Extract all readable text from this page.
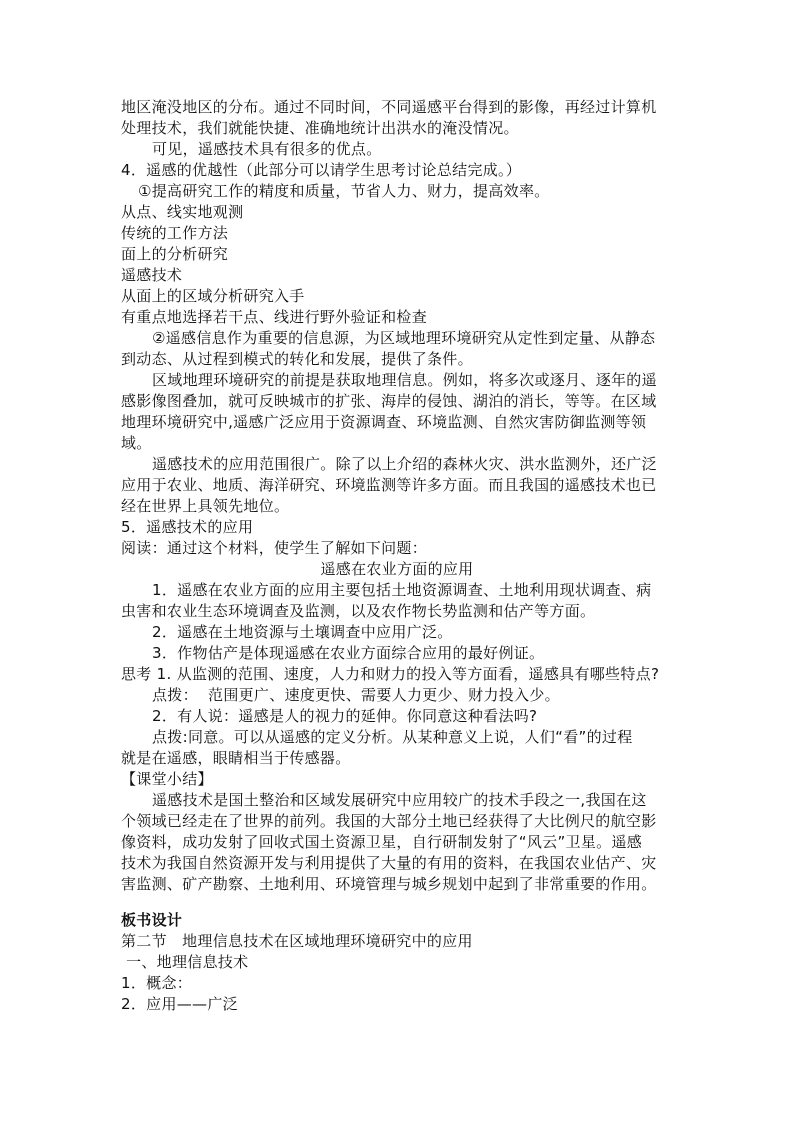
地区淹没地区的分布。通过不同时间，不同遥感平台得到的影像，再经过计算机
处理技术，我们就能快捷、准确地统计出洪水的淹没情况。
可见，遥感技术具有很多的优点。
4．遥感的优越性（此部分可以请学生思考讨论总结完成。）
①提高研究工作的精度和质量，节省人力、财力，提高效率。
从点、线实地观测
传统的工作方法
面上的分析研究
遥感技术
从面上的区域分析研究入手
有重点地选择若干点、线进行野外验证和检查
②遥感信息作为重要的信息源，为区域地理环境研究从定性到定量、从静态
到动态、从过程到模式的转化和发展，提供了条件。
区域地理环境研究的前提是获取地理信息。例如，将多次或逐月、逐年的遥
感影像图叠加，就可反映城市的扩张、海岸的侵蚀、湖泊的消长，等等。在区域
地理环境研究中,遥感广泛应用于资源调查、环境监测、自然灾害防御监测等领
域。
遥感技术的应用范围很广。除了以上介绍的森林火灾、洪水监测外，还广泛
应用于农业、地质、海洋研究、环境监测等许多方面。而且我国的遥感技术也已
经在世界上具领先地位。
5．遥感技术的应用
阅读：通过这个材料，使学生了解如下问题：
遥感在农业方面的应用
1．遥感在农业方面的应用主要包括土地资源调查、土地利用现状调查、病
虫害和农业生态环境调查及监测，以及农作物长势监测和估产等方面。
2．遥感在土地资源与土壤调查中应用广泛。
3．作物估产是体现遥感在农业方面综合应用的最好例证。
思考 1. 从监测的范围、速度，人力和财力的投入等方面看，遥感具有哪些特点?
点拨：  范围更广、速度更快、需要人力更少、财力投入少。
2．有人说：遥感是人的视力的延伸。你同意这种看法吗?
点拨:同意。可以从遥感的定义分析。从某种意义上说，人们“看”的过程
就是在遥感，眼睛相当于传感器。
【课堂小结】
遥感技术是国土整治和区域发展研究中应用较广的技术手段之一,我国在这
个领域已经走在了世界的前列。我国的大部分土地已经获得了大比例尺的航空影
像资料，成功发射了回收式国土资源卫星，自行研制发射了“风云”卫星。遥感
技术为我国自然资源开发与利用提供了大量的有用的资料，在我国农业估产、灾
害监测、矿产勘察、土地利用、环境管理与城乡规划中起到了非常重要的作用。
板书设计
第二节   地理信息技术在区域地理环境研究中的应用
一、地理信息技术
1．概念：
2．应用——广泛
